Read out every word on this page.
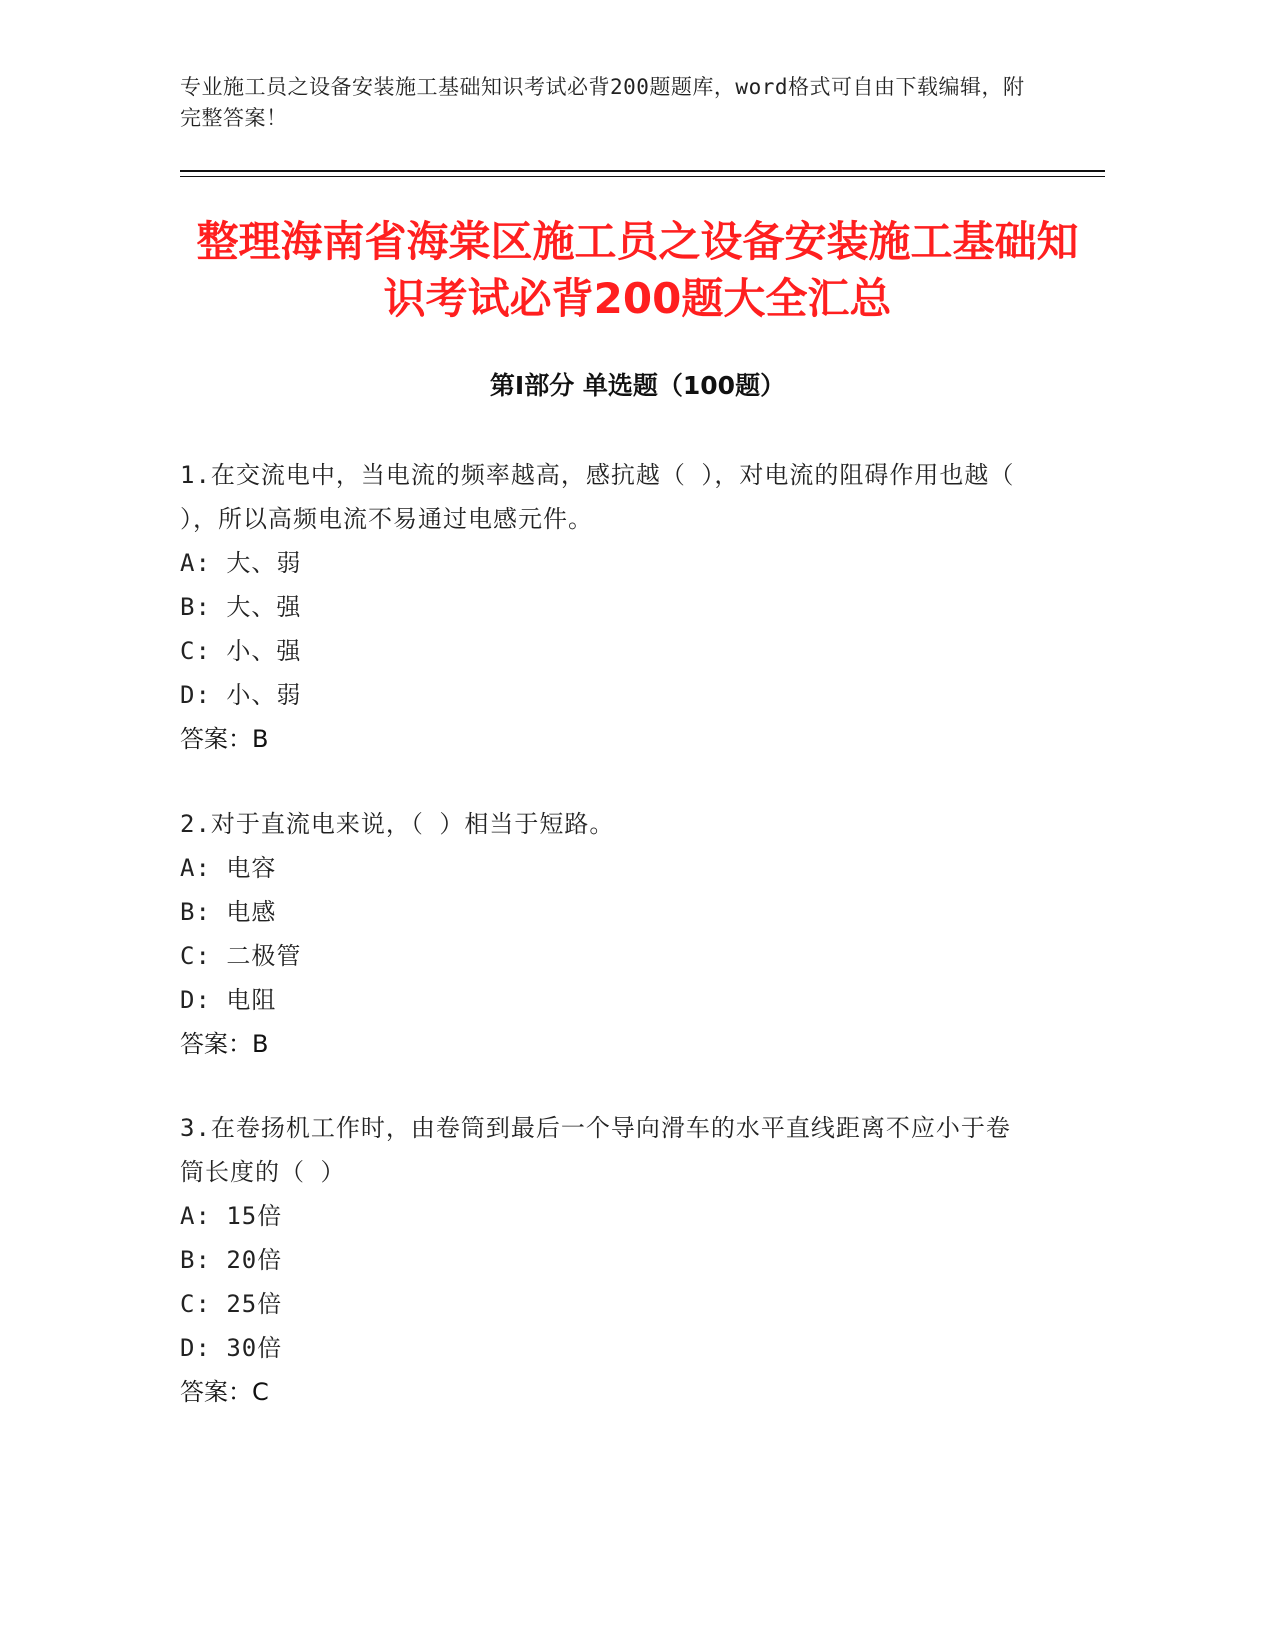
专业施工员之设备安装施工基础知识考试必背200题题库，word格式可自由下载编辑，附完整答案！
整理海南省海棠区施工员之设备安装施工基础知识考试必背200题大全汇总
第Ⅰ部分 单选题（100题）
1.在交流电中，当电流的频率越高，感抗越（ ），对电流的阻碍作用也越（ ），所以高频电流不易通过电感元件。
A: 大、弱
B: 大、强
C: 小、强
D: 小、弱
答案：B
2.对于直流电来说，（ ）相当于短路。
A: 电容
B: 电感
C: 二极管
D: 电阻
答案：B
3.在卷扬机工作时，由卷筒到最后一个导向滑车的水平直线距离不应小于卷筒长度的（ ）
A: 15倍
B: 20倍
C: 25倍
D: 30倍
答案：C
